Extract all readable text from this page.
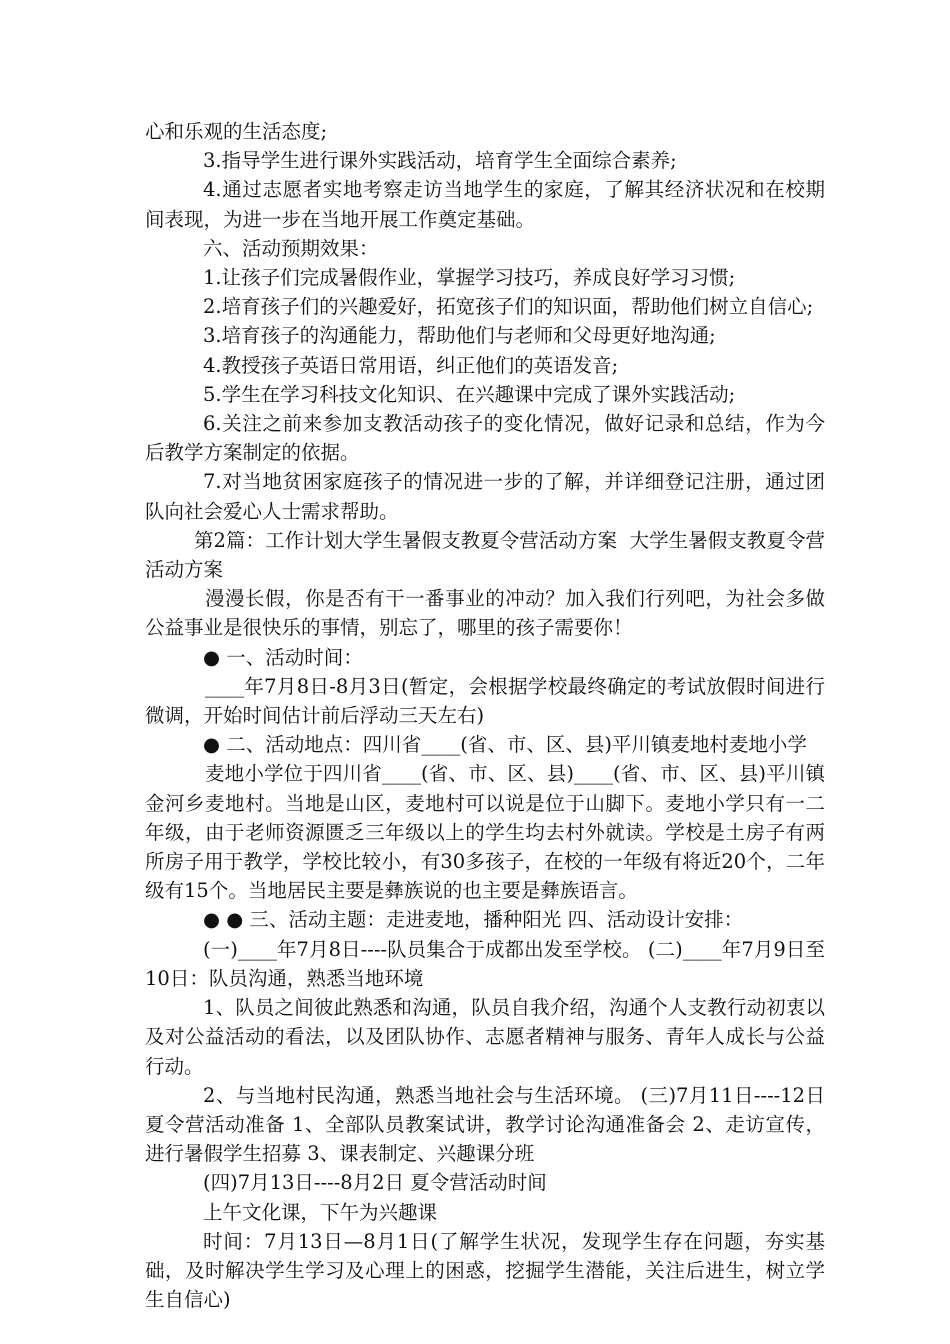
心和乐观的生活态度;

3.指导学生进行课外实践活动，培育学生全面综合素养;

4.通过志愿者实地考察走访当地学生的家庭，了解其经济状况和在校期间表现，为进一步在当地开展工作奠定基础。

六、活动预期效果：

1.让孩子们完成暑假作业，掌握学习技巧，养成良好学习习惯;

2.培育孩子们的兴趣爱好，拓宽孩子们的知识面，帮助他们树立自信心;

3.培育孩子的沟通能力，帮助他们与老师和父母更好地沟通;

4.教授孩子英语日常用语，纠正他们的英语发音;

5.学生在学习科技文化知识、在兴趣课中完成了课外实践活动;

6.关注之前来参加支教活动孩子的变化情况，做好记录和总结，作为今后教学方案制定的依据。

7.对当地贫困家庭孩子的情况进一步的了解，并详细登记注册，通过团队向社会爱心人士需求帮助。

第2篇：工作计划大学生暑假支教夏令营活动方案  大学生暑假支教夏令营活动方案

漫漫长假，你是否有干一番事业的冲动？加入我们行列吧，为社会多做公益事业是很快乐的事情，别忘了，哪里的孩子需要你！

● 一、活动时间：

____年7月8日-8月3日(暂定，会根据学校最终确定的考试放假时间进行微调，开始时间估计前后浮动三天左右)

● 二、活动地点：四川省____(省、市、区、县)平川镇麦地村麦地小学

麦地小学位于四川省____(省、市、区、县)____(省、市、区、县)平川镇金河乡麦地村。当地是山区，麦地村可以说是位于山脚下。麦地小学只有一二年级，由于老师资源匮乏三年级以上的学生均去村外就读。学校是土房子有两所房子用于教学，学校比较小，有30多孩子，在校的一年级有将近20个，二年级有15个。当地居民主要是彝族说的也主要是彝族语言。

● ● 三、活动主题：走进麦地，播种阳光 四、活动设计安排：

(一)____年7月8日----队员集合于成都出发至学校。 (二)____年7月9日至10日：队员沟通，熟悉当地环境

1、队员之间彼此熟悉和沟通，队员自我介绍，沟通个人支教行动初衷以及对公益活动的看法，以及团队协作、志愿者精神与服务、青年人成长与公益行动。

2、与当地村民沟通，熟悉当地社会与生活环境。 (三)7月11日----12日 夏令营活动准备 1、全部队员教案试讲，教学讨论沟通准备会 2、走访宣传，进行暑假学生招募 3、课表制定、兴趣课分班

(四)7月13日----8月2日 夏令营活动时间

上午文化课，下午为兴趣课

时间：7月13日—8月1日(了解学生状况，发现学生存在问题，夯实基础，及时解决学生学习及心理上的困惑，挖掘学生潜能，关注后进生，树立学生自信心)
